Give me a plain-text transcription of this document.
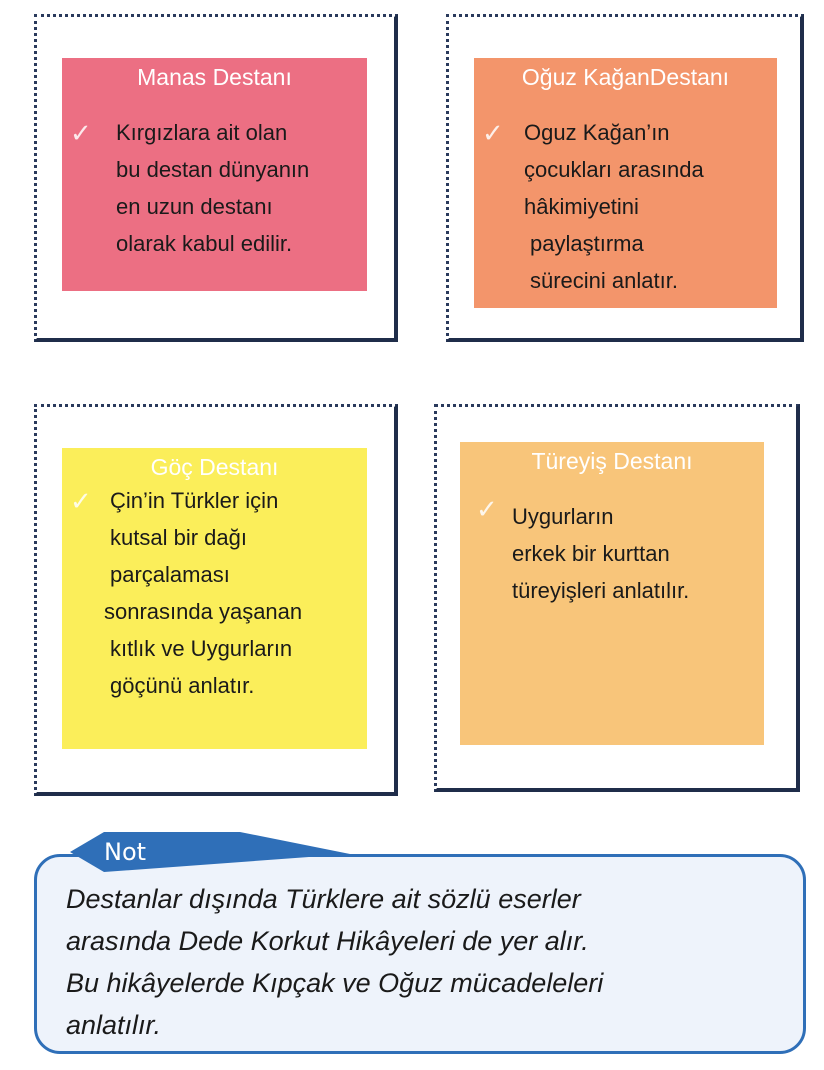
Manas Destanı
✓ Kırgızlara ait olan
bu destan dünyanın
en uzun destanı
olarak kabul edilir.

Oğuz KağanDestanı
✓ Oguz Kağan’ın
çocukları arasında
hâkimiyetini
paylaştırma
sürecini anlatır.

Göç Destanı
✓ Çin’in Türkler için
kutsal bir dağı
parçalaması
sonrasında yaşanan
kıtlık ve Uygurların
göçünü anlatır.

Türeyiş Destanı
✓ Uygurların
erkek bir kurttan
türeyişleri anlatılır.

Not

Destanlar dışında Türklere ait sözlü eserler
arasında Dede Korkut Hikâyeleri de yer alır.
Bu hikâyelerde Kıpçak ve Oğuz mücadeleleri
anlatılır.
